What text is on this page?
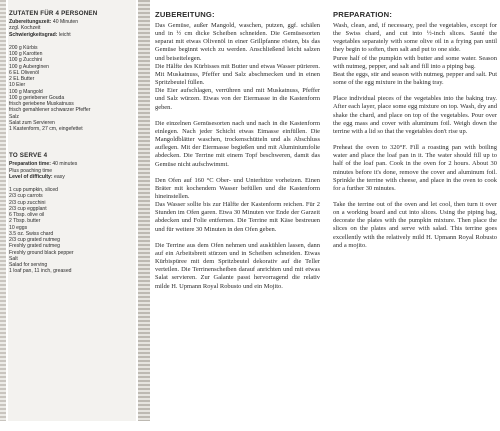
ZUTATEN FÜR 4 PERSONEN
Zubereitungszeit: 40 Minuten
zzgl. Kochzeit
Schwierigkeitsgrad: leicht
200 g Kürbis
100 g Karotten
100 g Zucchini
100 g Auberginen
6 EL Olivenöl
2 EL Butter
10 Eier
100 g Mangold
100 g geriebener Gouda
frisch geriebene Muskatnuss
frisch gemahlener schwarzer Pfeffer
Salz
Salat zum Servieren
1 Kastenform, 27 cm, eingefettet
TO SERVE 4
Preparation time: 40 minutes
Plus poaching time
Level of difficulty: easy
1 cup pumpkin, sliced
2/3 cup carrots
2/3 cup zucchini
2/3 cup eggplant
6 Tbsp. olive oil
2 Tbsp. butter
10 eggs
3.5 oz. Swiss chard
2/3 cup grated nutmeg
Freshly grated nutmeg
Freshly ground black pepper
Salt
Salad for serving
1 loaf pan, 11 inch, greased
ZUBEREITUNG:

Das Gemüse, außer Mangold, waschen, putzen, ggf. schälen und in ½ cm dicke Scheiben schneiden. Die Gemüsesorten separat mit etwas Olivenöl in einer Grillpfanne rösten, bis das Gemüse beginnt weich zu werden. Anschließend leicht salzen und beiseitelegen.
Die Hälfte des Kürbisses mit Butter und etwas Wasser pürieren. Mit Muskatnuss, Pfeffer und Salz abschmecken und in einen Spritzbeutel füllen.
Die Eier aufschlagen, verrühren und mit Muskatnuss, Pfeffer und Salz würzen. Etwas von der Eiermasse in die Kastenform geben.

Die einzelnen Gemüsesorten nach und nach in die Kastenform einlegen. Nach jeder Schicht etwas Eimasse einfüllen. Die Mangoldblätter waschen, trockenschütteln und als Abschluss auflegen. Mit der Eiermasse begießen und mit Aluminiumfolie abdecken. Die Terrine mit einem Topf beschweren, damit das Gemüse nicht aufschwimmt.

Den Ofen auf 160 °C Ober- und Unterhitze vorheizen. Einen Bräter mit kochendem Wasser befüllen und die Kastenform hineinstellen.
Das Wasser sollte bis zur Hälfte der Kastenform reichen. Für 2 Stunden im Ofen garen. Etwa 30 Minuten vor Ende der Garzeit abdecken und Folie entfernen. Die Terrine mit Käse bestreuen und für weitere 30 Minuten in den Ofen geben.

Die Terrine aus dem Ofen nehmen und auskühlen lassen, dann auf ein Arbeitsbrett stürzen und in Scheiben schneiden. Etwas Kürbispüree mit dem Spritzbeutel dekorativ auf die Teller verteilen. Die Terrinenscheiben darauf anrichten und mit etwas Salat servieren. Zur Galante passt hervorragend die relativ milde H. Upmann Royal Robusto und ein Mojito.

PREPARATION:

Wash, clean, and, if necessary, peel the vegetables, except for the Swiss chard, and cut into ½-inch slices. Sauté the vegetables separately with some olive oil in a frying pan until they begin to soften, then salt and put to one side.
Puree half of the pumpkin with butter and some water. Season with nutmeg, pepper, and salt and fill into a piping bag.
Beat the eggs, stir and season with nutmeg, pepper and salt. Put some of the egg mixture in the baking tray.

Place individual pieces of the vegetables into the baking tray. After each layer, place some egg mixture on top. Wash, dry and shake the chard, and place on top of the vegetables. Pour over the egg mass and cover with aluminum foil. Weigh down the terrine with a lid so that the vegetables don't rise up.

Preheat the oven to 320°F. Fill a roasting pan with boiling water and place the loaf pan in it. The water should fill up to half of the loaf pan. Cook in the oven for 2 hours. About 30 minutes before it's done, remove the cover and aluminum foil. Sprinkle the terrine with cheese, and place in the oven to cook for a further 30 minutes.

Take the terrine out of the oven and let cool, then turn it over on a working board and cut into slices. Using the piping bag, decorate the plates with the pumpkin mixture. Then place the slices on the plates and serve with salad. This terrine goes excellently with the relatively mild H. Upmann Royal Robusto and a mojito.
